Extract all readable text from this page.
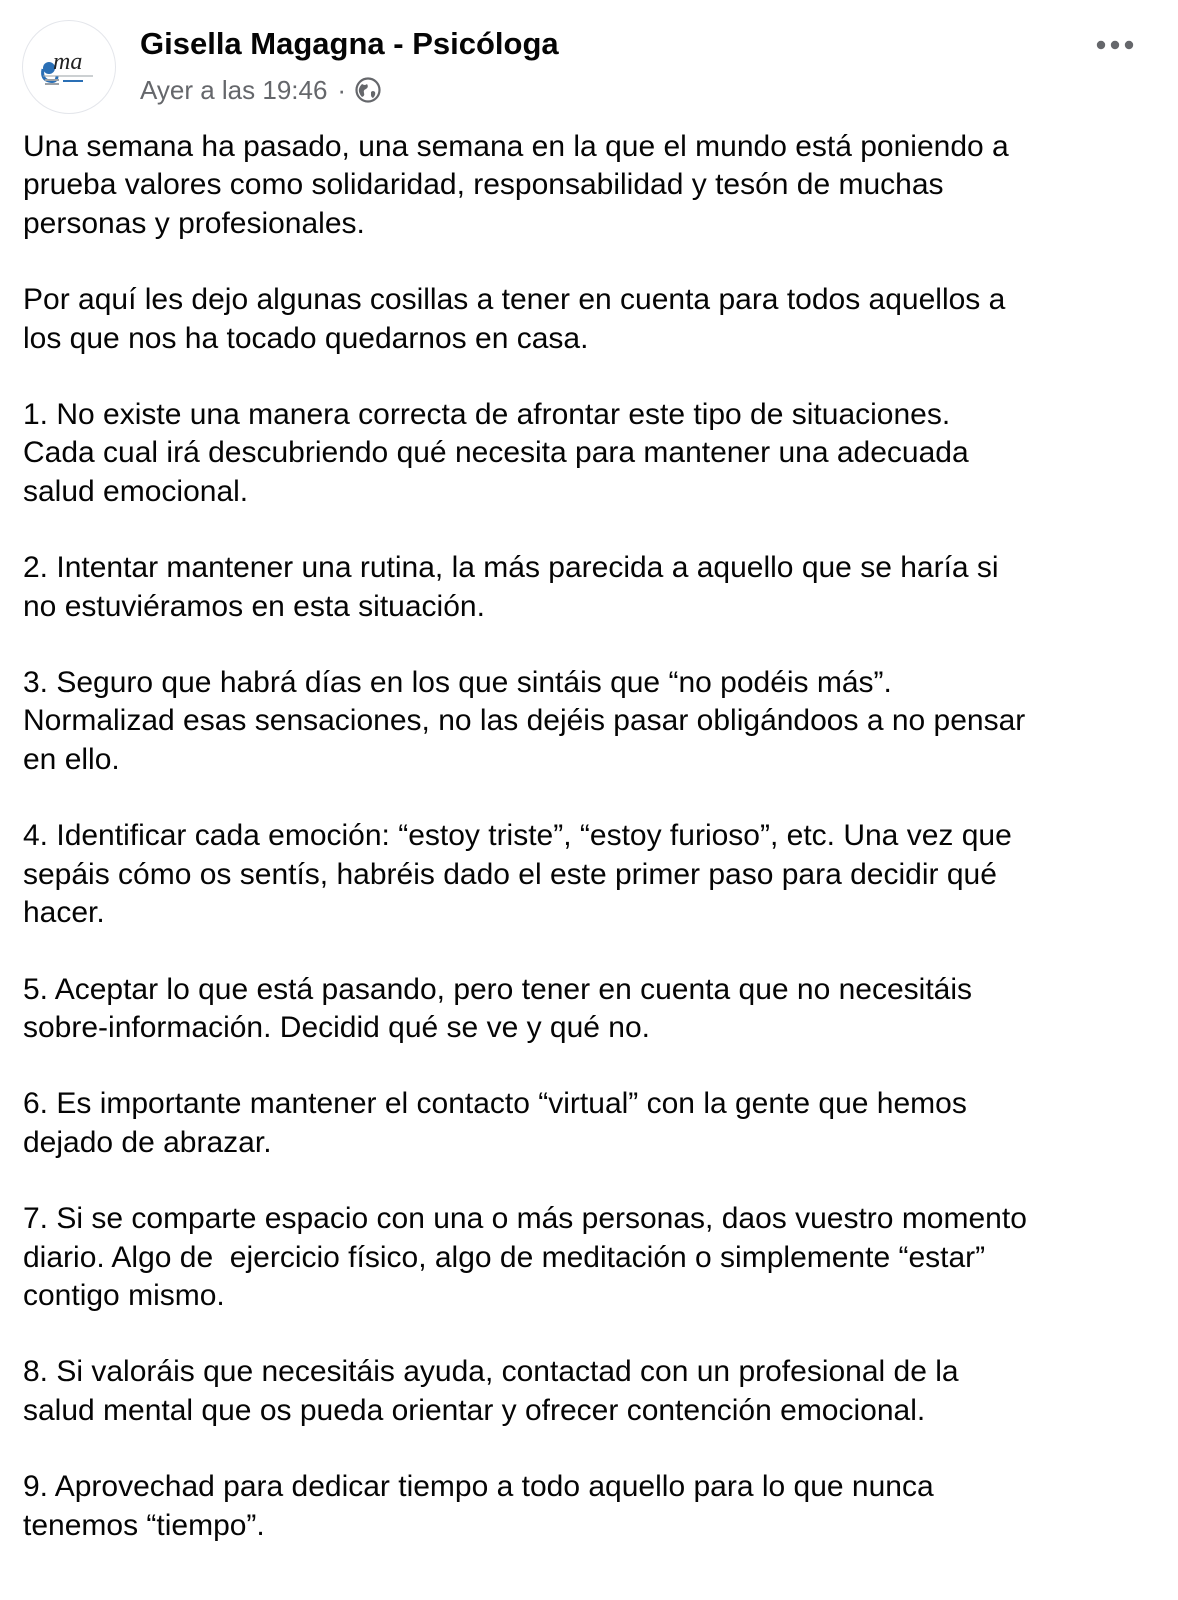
ma
Gisella Magagna - Psicóloga
Ayer a las 19:46 ·

Una semana ha pasado, una semana en la que el mundo está poniendo a
prueba valores como solidaridad, responsabilidad y tesón de muchas
personas y profesionales.

Por aquí les dejo algunas cosillas a tener en cuenta para todos aquellos a
los que nos ha tocado quedarnos en casa.

1. No existe una manera correcta de afrontar este tipo de situaciones.
Cada cual irá descubriendo qué necesita para mantener una adecuada
salud emocional.

2. Intentar mantener una rutina, la más parecida a aquello que se haría si
no estuviéramos en esta situación.

3. Seguro que habrá días en los que sintáis que “no podéis más”.
Normalizad esas sensaciones, no las dejéis pasar obligándoos a no pensar
en ello.

4. Identificar cada emoción: “estoy triste”, “estoy furioso”, etc. Una vez que
sepáis cómo os sentís, habréis dado el este primer paso para decidir qué
hacer.

5. Aceptar lo que está pasando, pero tener en cuenta que no necesitáis
sobre-información. Decidid qué se ve y qué no.

6. Es importante mantener el contacto “virtual” con la gente que hemos
dejado de abrazar.

7. Si se comparte espacio con una o más personas, daos vuestro momento
diario. Algo de  ejercicio físico, algo de meditación o simplemente “estar”
contigo mismo.

8. Si valoráis que necesitáis ayuda, contactad con un profesional de la
salud mental que os pueda orientar y ofrecer contención emocional.

9. Aprovechad para dedicar tiempo a todo aquello para lo que nunca
tenemos “tiempo”.
